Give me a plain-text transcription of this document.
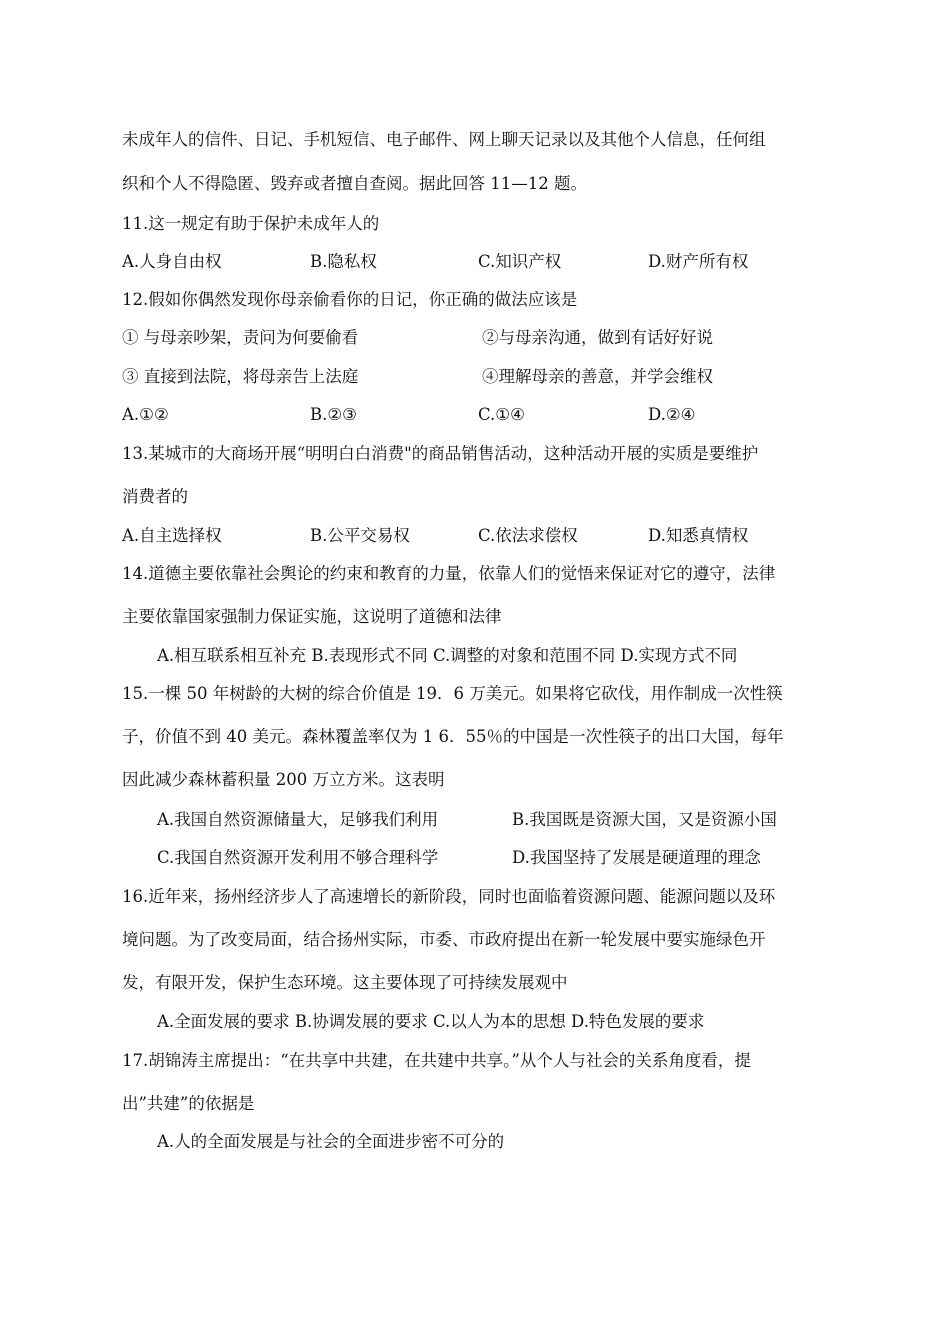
未成年人的信件、日记、手机短信、电子邮件、网上聊天记录以及其他个人信息，任何组
织和个人不得隐匿、毁弃或者擅自查阅。据此回答 11—12 题。
11.这一规定有助于保护未成年人的
A.人身自由权	B.隐私权	C.知识产权	D.财产所有权
12.假如你偶然发现你母亲偷看你的日记，你正确的做法应该是
① 与母亲吵架，责问为何要偷看	②与母亲沟通，做到有话好好说
③ 直接到法院，将母亲告上法庭	④理解母亲的善意，并学会维权
A.①②	B.②③	C.①④	D.②④
13.某城市的大商场开展“明明白白消费"的商品销售活动，这种活动开展的实质是要维护
消费者的
A.自主选择权	B.公平交易权	C.依法求偿权	D.知悉真情权
14.道德主要依靠社会舆论的约束和教育的力量，依靠人们的觉悟来保证对它的遵守，法律
主要依靠国家强制力保证实施，这说明了道德和法律
A.相互联系相互补充 B.表现形式不同 C.调整的对象和范围不同 D.实现方式不同
15.一棵 50 年树龄的大树的综合价值是 19．6 万美元。如果将它砍伐，用作制成一次性筷
子，价值不到 40 美元。森林覆盖率仅为 1 6．55％的中国是一次性筷子的出口大国，每年
因此减少森林蓄积量 200 万立方米。这表明
A.我国自然资源储量大，足够我们利用	B.我国既是资源大国，又是资源小国
C.我国自然资源开发利用不够合理科学	D.我国坚持了发展是硬道理的理念
16.近年来，扬州经济步人了高速增长的新阶段，同时也面临着资源问题、能源问题以及环
境问题。为了改变局面，结合扬州实际，市委、市政府提出在新一轮发展中要实施绿色开
发，有限开发，保护生态环境。这主要体现了可持续发展观中
A.全面发展的要求 B.协调发展的要求 C.以人为本的思想 D.特色发展的要求
17.胡锦涛主席提出：“在共享中共建，在共建中共享。”从个人与社会的关系角度看，提
出”共建”的依据是
A.人的全面发展是与社会的全面进步密不可分的
